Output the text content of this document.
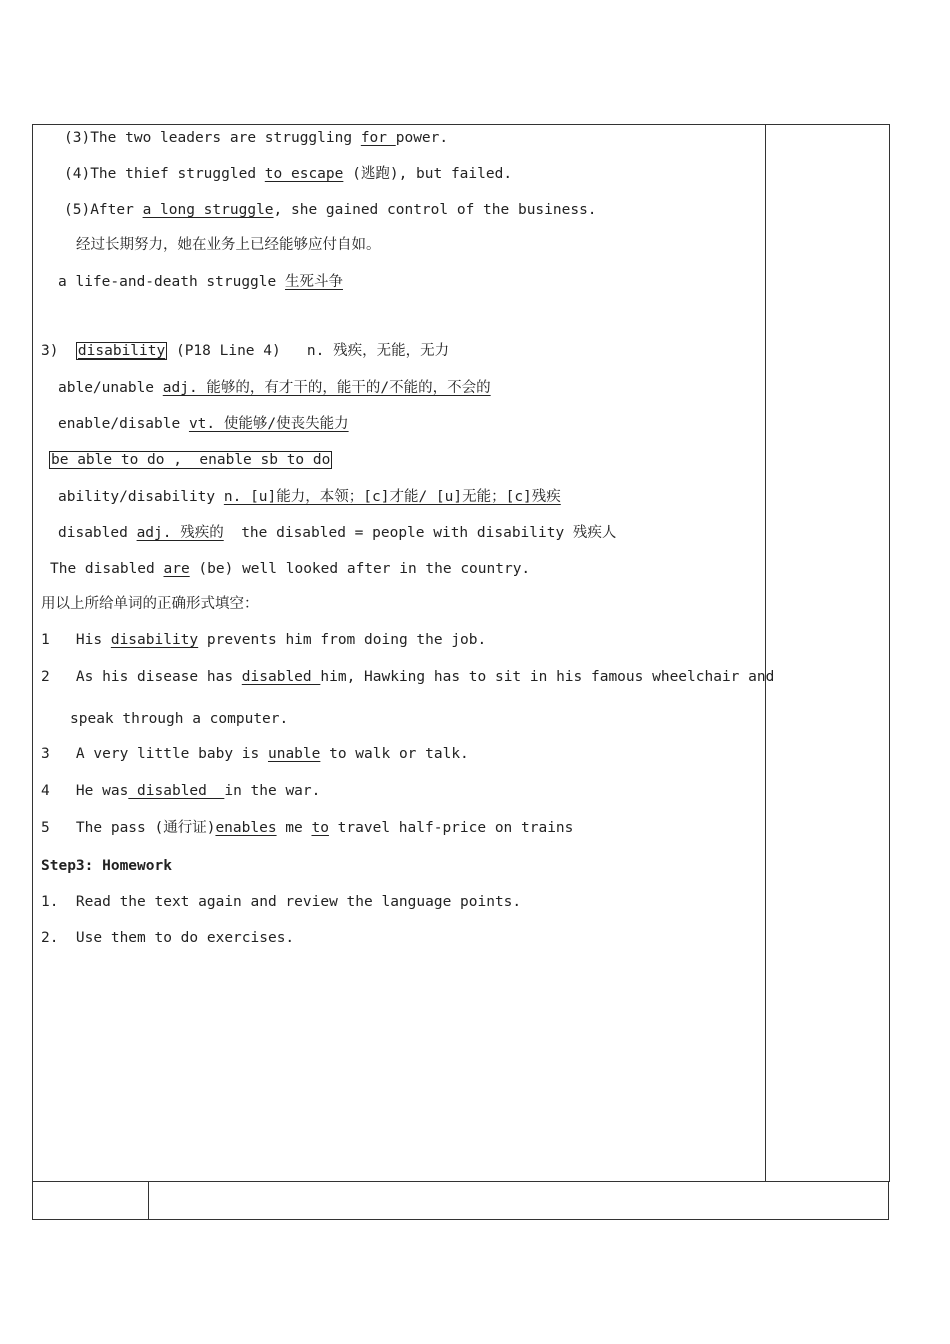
(3)The two leaders are struggling for power.
(4)The thief struggled to escape (逃跑), but failed.
(5)After a long struggle, she gained control of the business.
经过长期努力，她在业务上已经能够应付自如。
a life-and-death struggle 生死斗争
3)  disability (P18 Line 4)   n. 残疾，无能，无力
able/unable adj. 能够的，有才干的，能干的/不能的，不会的
enable/disable vt. 使能够/使丧失能力
be able to do ,  enable sb to do
ability/disability n. [u]能力，本领；[c]才能/ [u]无能；[c]残疾
disabled adj. 残疾的  the disabled = people with disability 残疾人
The disabled are (be) well looked after in the country.
用以上所给单词的正确形式填空：
1   His disability prevents him from doing the job.
2   As his disease has disabled him, Hawking has to sit in his famous wheelchair and
speak through a computer.
3   A very little baby is unable to walk or talk.
4   He was disabled  in the war.
5   The pass (通行证)enables me to travel half-price on trains
Step3: Homework
1.  Read the text again and review the language points.
2.  Use them to do exercises.
